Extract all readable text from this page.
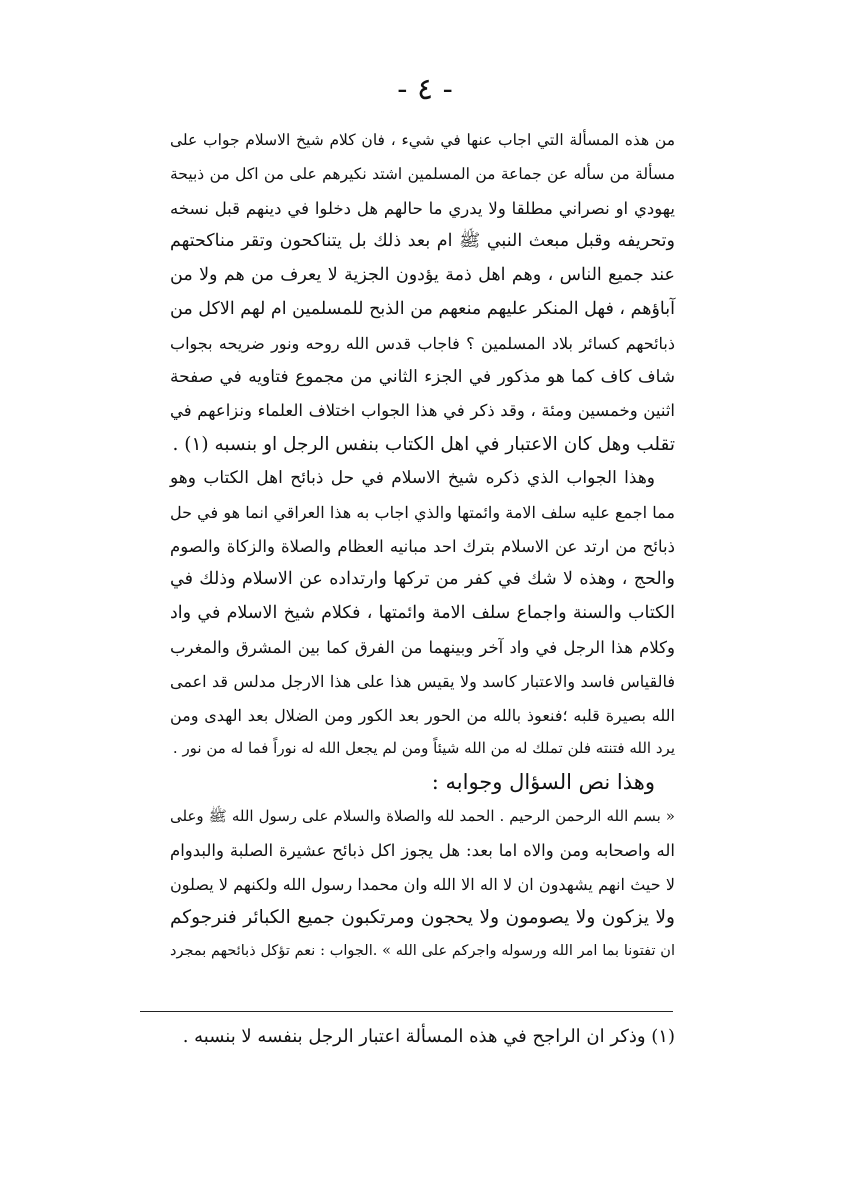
- ٤ -
من هذه المسألة التي اجاب عنها في شيء ، فان كلام شيخ الاسلام جواب على
مسألة من سأله عن جماعة من المسلمين اشتد نكيرهم على من اكل من ذبيحة
يهودي او نصراني مطلقا ولا يدري ما حالهم هل دخلوا في دينهم قبل نسخه
وتحريفه وقبل مبعث النبي ﷺ ام بعد ذلك بل يتناكحون وتقر مناكحتهم
عند جميع الناس ، وهم اهل ذمة يؤدون الجزية لا يعرف من هم ولا من
آباؤهم ، فهل المنكر عليهم منعهم من الذبح للمسلمين ام لهم الاكل من
ذبائحهم كسائر بلاد المسلمين ؟ فاجاب قدس الله روحه ونور ضريحه بجواب
شاف كاف كما هو مذكور في الجزء الثاني من مجموع فتاويه في صفحة
اثنين وخمسين ومئة ، وقد ذكر في هذا الجواب اختلاف العلماء ونزاعهم في
تقلب وهل كان الاعتبار في اهل الكتاب بنفس الرجل او بنسبه (١) .
وهذا الجواب الذي ذكره شيخ الاسلام في حل ذبائح اهل الكتاب وهو
مما اجمع عليه سلف الامة وائمتها والذي اجاب به هذا العراقي انما هو في حل
ذبائح من ارتد عن الاسلام بترك احد مبانيه العظام والصلاة والزكاة والصوم
والحج ، وهذه لا شك في كفر من تركها وارتداده عن الاسلام وذلك في
الكتاب والسنة واجماع سلف الامة وائمتها ، فكلام شيخ الاسلام في واد
وكلام هذا الرجل في واد آخر وبينهما من الفرق كما بين المشرق والمغرب
فالقياس فاسد والاعتبار كاسد ولا يقيس هذا على هذا الارجل مدلس قد اعمى
الله بصيرة قلبه ؛فنعوذ بالله من الحور بعد الكور ومن الضلال بعد الهدى ومن
يرد الله فتنته فلن تملك له من الله شيئاً ومن لم يجعل الله له نوراً فما له من نور .
وهذا نص السؤال وجوابه :
« بسم الله الرحمن الرحيم . الحمد لله والصلاة والسلام على رسول الله ﷺ وعلى
اله واصحابه ومن والاه اما بعد: هل يجوز اكل ذبائح عشيرة الصلبة والبدوام
لا حيث انهم يشهدون ان لا اله الا الله وان محمدا رسول الله ولكنهم لا يصلون
ولا يزكون ولا يصومون ولا يحجون ومرتكبون جميع الكبائر فنرجوكم
ان تفتونا بما امر الله ورسوله واجركم على الله » .الجواب : نعم تؤكل ذبائحهم بمجرد
(١) وذكر ان الراجح في هذه المسألة اعتبار الرجل بنفسه لا بنسبه .
